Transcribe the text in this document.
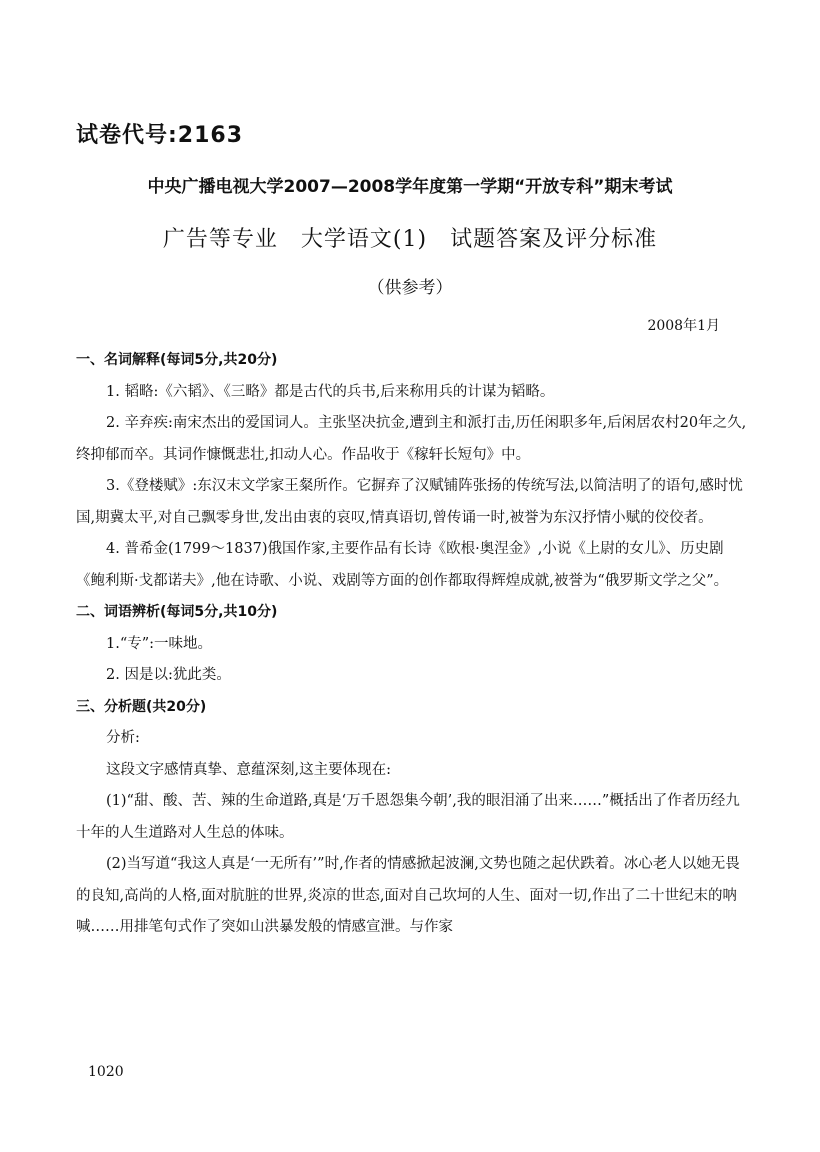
试卷代号:2163
中央广播电视大学2007—2008学年度第一学期“开放专科”期末考试
广告等专业　大学语文(1)　试题答案及评分标准
（供参考）
2008年1月

一、名词解释(每词5分,共20分)

1. 韬略:《六韬》、《三略》都是古代的兵书,后来称用兵的计谋为韬略。

2. 辛弃疾:南宋杰出的爱国词人。主张坚决抗金,遭到主和派打击,历任闲职多年,后闲居农村20年之久,终抑郁而卒。其词作慷慨悲壮,扣动人心。作品收于《稼轩长短句》中。

3.《登楼赋》:东汉末文学家王粲所作。它摒弃了汉赋铺阵张扬的传统写法,以简洁明了的语句,感时忧国,期冀太平,对自己飘零身世,发出由衷的哀叹,情真语切,曾传诵一时,被誉为东汉抒情小赋的佼佼者。

4. 普希金(1799～1837)俄国作家,主要作品有长诗《欧根·奥涅金》,小说《上尉的女儿》、历史剧《鲍利斯·戈都诺夫》,他在诗歌、小说、戏剧等方面的创作都取得辉煌成就,被誉为“俄罗斯文学之父”。

二、词语辨析(每词5分,共10分)

1.“专”:一味地。

2. 因是以:犹此类。

三、分析题(共20分)

分析:

这段文字感情真挚、意蕴深刻,这主要体现在:

(1)“甜、酸、苦、辣的生命道路,真是‘万千恩怨集今朝’,我的眼泪涌了出来……”概括出了作者历经九十年的人生道路对人生总的体味。

(2)当写道“我这人真是‘一无所有’”时,作者的情感掀起波澜,文势也随之起伏跌着。冰心老人以她无畏的良知,高尚的人格,面对肮脏的世界,炎凉的世态,面对自己坎坷的人生、面对一切,作出了二十世纪末的呐喊……用排笔句式作了突如山洪暴发般的情感宣泄。与作家

1020
